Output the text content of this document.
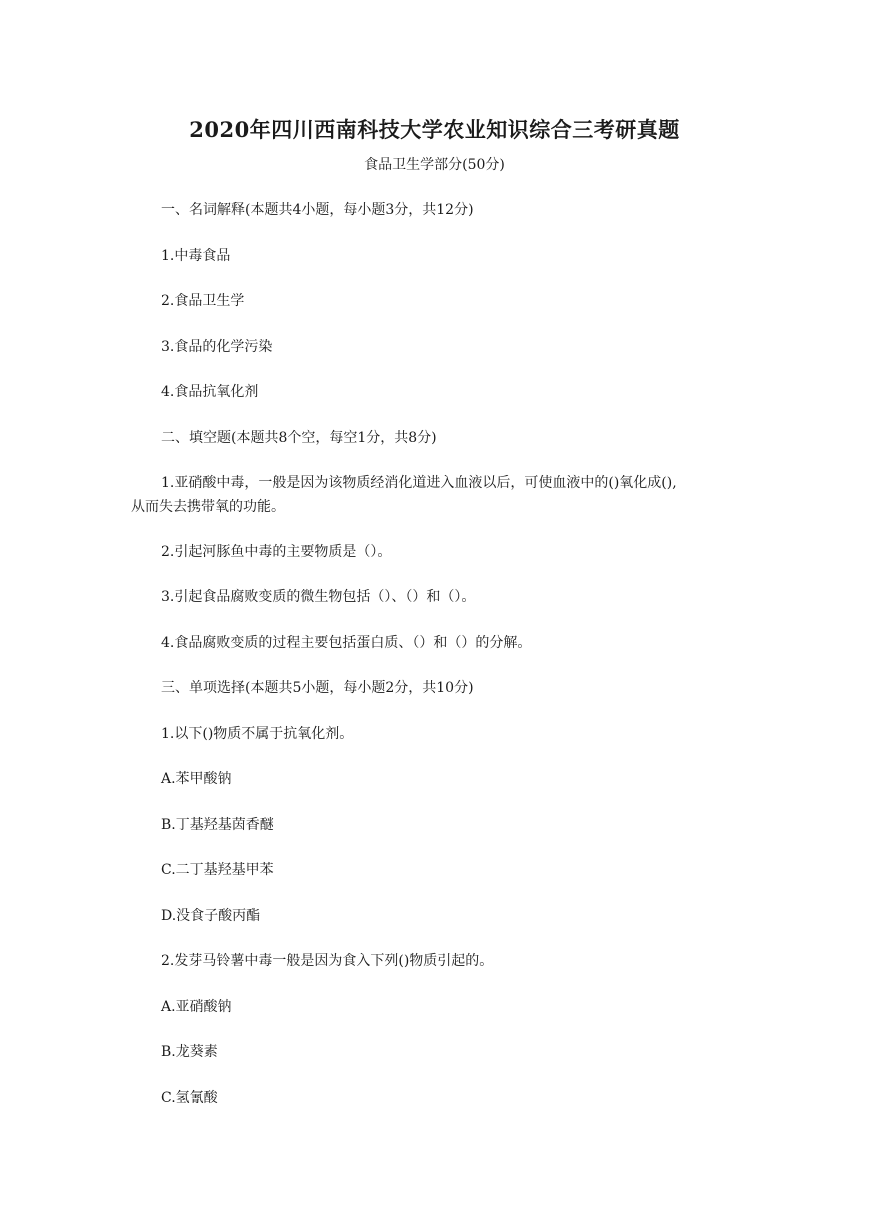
2020年四川西南科技大学农业知识综合三考研真题
食品卫生学部分(50分)
一、名词解释(本题共4小题，每小题3分，共12分)
1.中毒食品
2.食品卫生学
3.食品的化学污染
4.食品抗氧化剂
二、填空题(本题共8个空，每空1分，共8分)
1.亚硝酸中毒，一般是因为该物质经消化道进入血液以后，可使血液中的()氧化成(),
从而失去携带氧的功能。
2.引起河豚鱼中毒的主要物质是（）。
3.引起食品腐败变质的微生物包括（）、（）和（）。
4.食品腐败变质的过程主要包括蛋白质、（）和（）的分解。
三、单项选择(本题共5小题，每小题2分，共10分)
1.以下()物质不属于抗氧化剂。
A.苯甲酸钠
B.丁基羟基茵香醚
C.二丁基羟基甲苯
D.没食子酸丙酯
2.发芽马铃薯中毒一般是因为食入下列()物质引起的。
A.亚硝酸钠
B.龙葵素
C.氢氰酸
